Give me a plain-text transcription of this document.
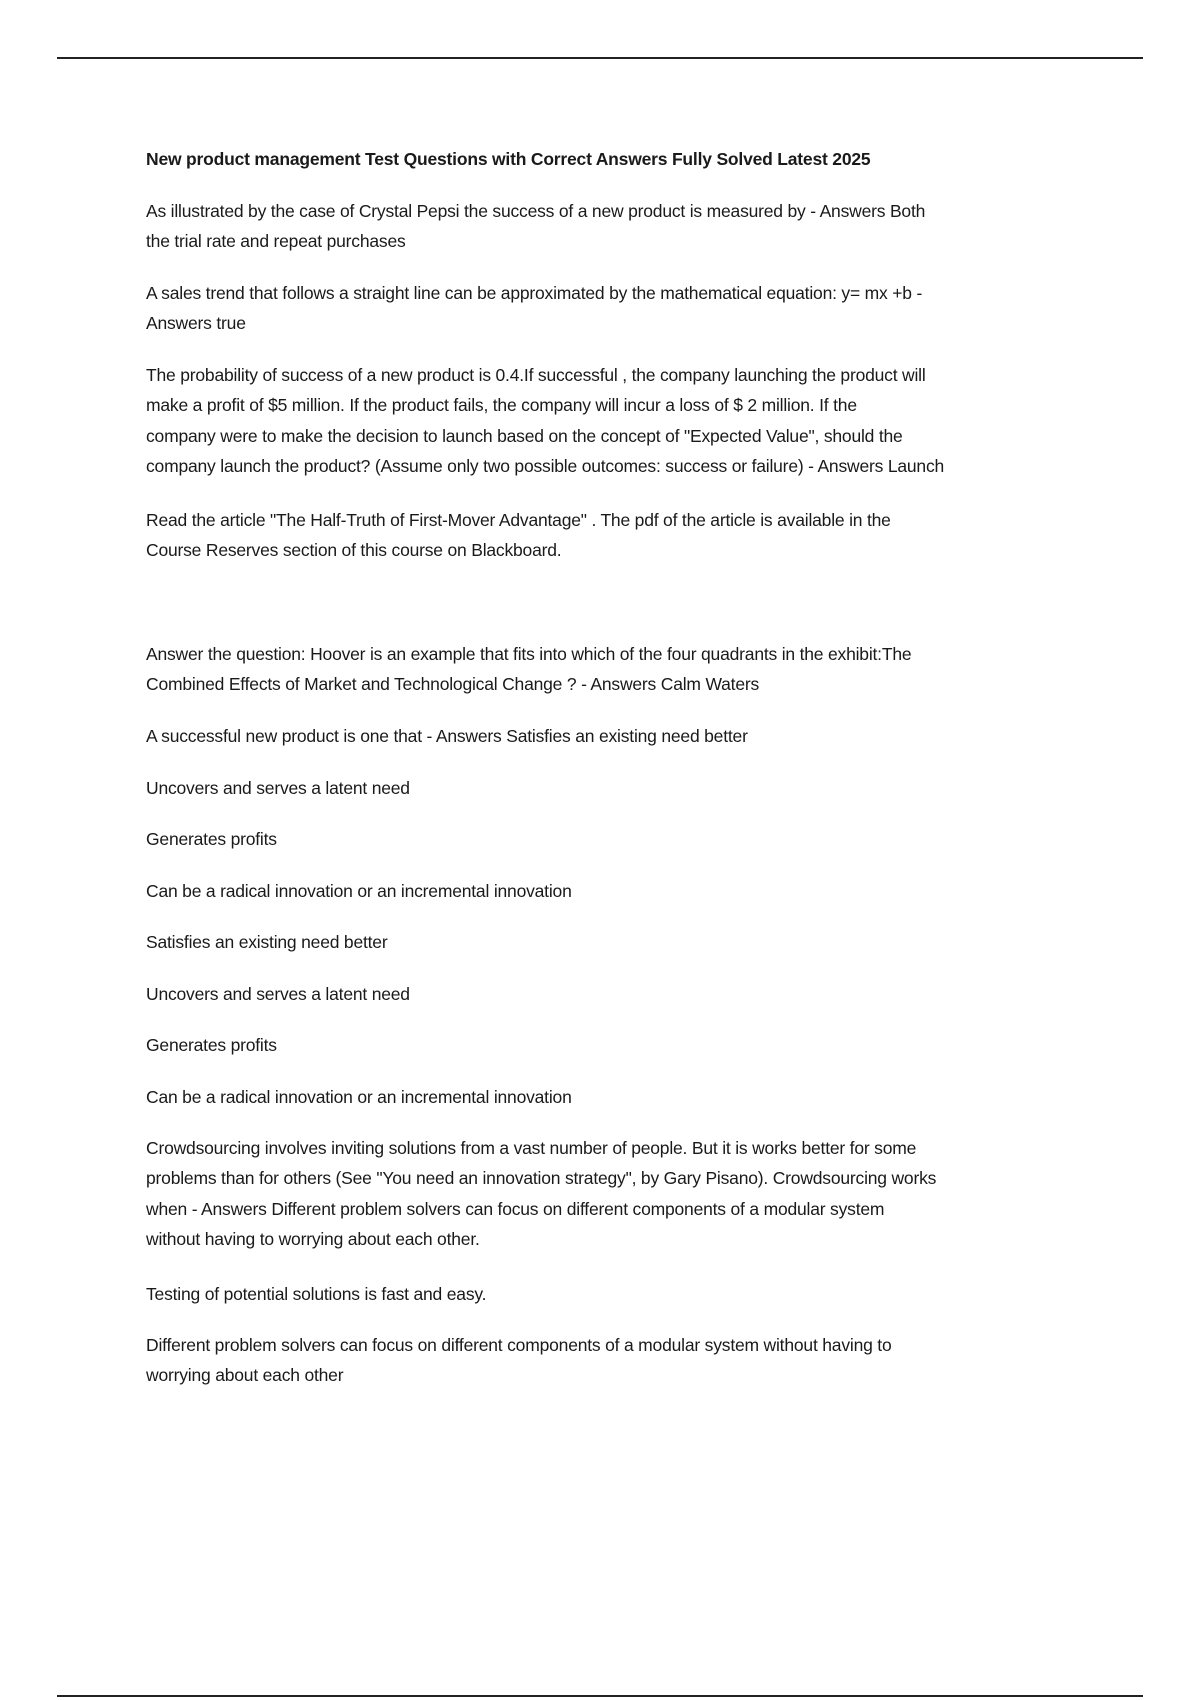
New product management Test Questions with Correct Answers Fully Solved Latest 2025
As illustrated by the case of Crystal Pepsi the success of a new product is measured by - Answers Both
the trial rate and repeat purchases
A sales trend that follows a straight line can be approximated by the mathematical equation: y= mx +b -
Answers true
The probability of success of a new product is 0.4.If successful , the company launching the product will
make a profit of $5 million. If the product fails, the company will incur a loss of $ 2 million. If the
company were to make the decision to launch based on the concept of "Expected Value", should the
company launch the product? (Assume only two possible outcomes: success or failure) - Answers Launch
Read the article "The Half-Truth of First-Mover Advantage" . The pdf of the article is available in the
Course Reserves section of this course on Blackboard.
Answer the question: Hoover is an example that fits into which of the four quadrants in the exhibit:The
Combined Effects of Market and Technological Change ? - Answers Calm Waters
A successful new product is one that - Answers Satisfies an existing need better
Uncovers and serves a latent need
Generates profits
Can be a radical innovation or an incremental innovation
Satisfies an existing need better
Uncovers and serves a latent need
Generates profits
Can be a radical innovation or an incremental innovation
Crowdsourcing involves inviting solutions from a vast number of people. But it is works better for some
problems than for others (See "You need an innovation strategy", by Gary Pisano). Crowdsourcing works
when - Answers Different problem solvers can focus on different components of a modular system
without having to worrying about each other.
Testing of potential solutions is fast and easy.
Different problem solvers can focus on different components of a modular system without having to
worrying about each other
